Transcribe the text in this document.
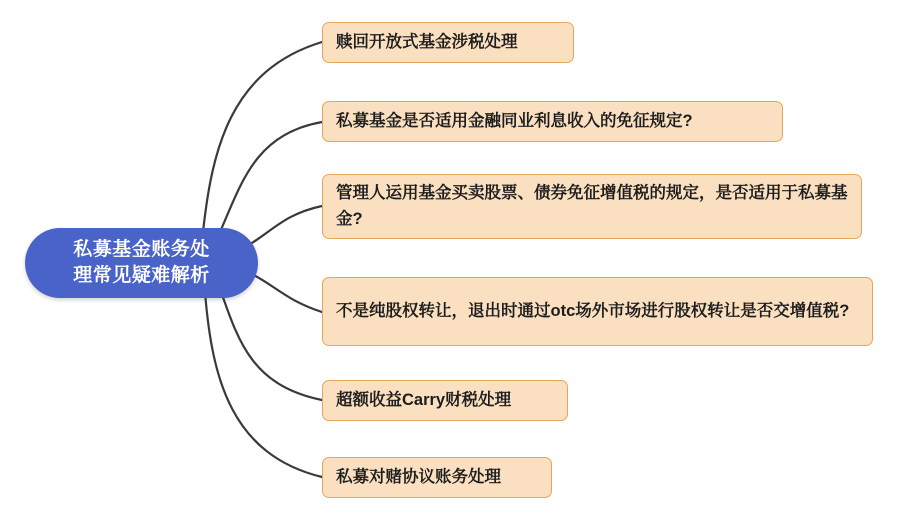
私募基金账务处
理常见疑难解析
赎回开放式基金涉税处理
私募基金是否适用金融同业利息收入的免征规定?
管理人运用基金买卖股票、债券免征增值税的规定，是否适用于私募基金?
不是纯股权转让，退出时通过otc场外市场进行股权转让是否交增值税?
超额收益Carry财税处理
私募对赌协议账务处理
